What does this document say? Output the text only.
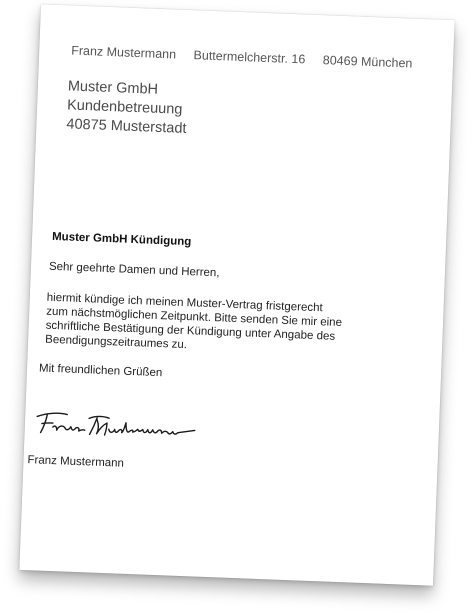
Franz Mustermann Buttermelcherstr. 16 80469 München
Muster GmbH
Kundenbetreuung
40875 Musterstadt
Muster GmbH Kündigung
Sehr geehrte Damen und Herren,
hiermit kündige ich meinen Muster-Vertrag fristgerecht zum nächstmöglichen Zeitpunkt. Bitte senden Sie mir eine schriftliche Bestätigung der Kündigung unter Angabe des Beendigungszeitraumes zu.
Mit freundlichen Grüßen
Franz Mustermann
